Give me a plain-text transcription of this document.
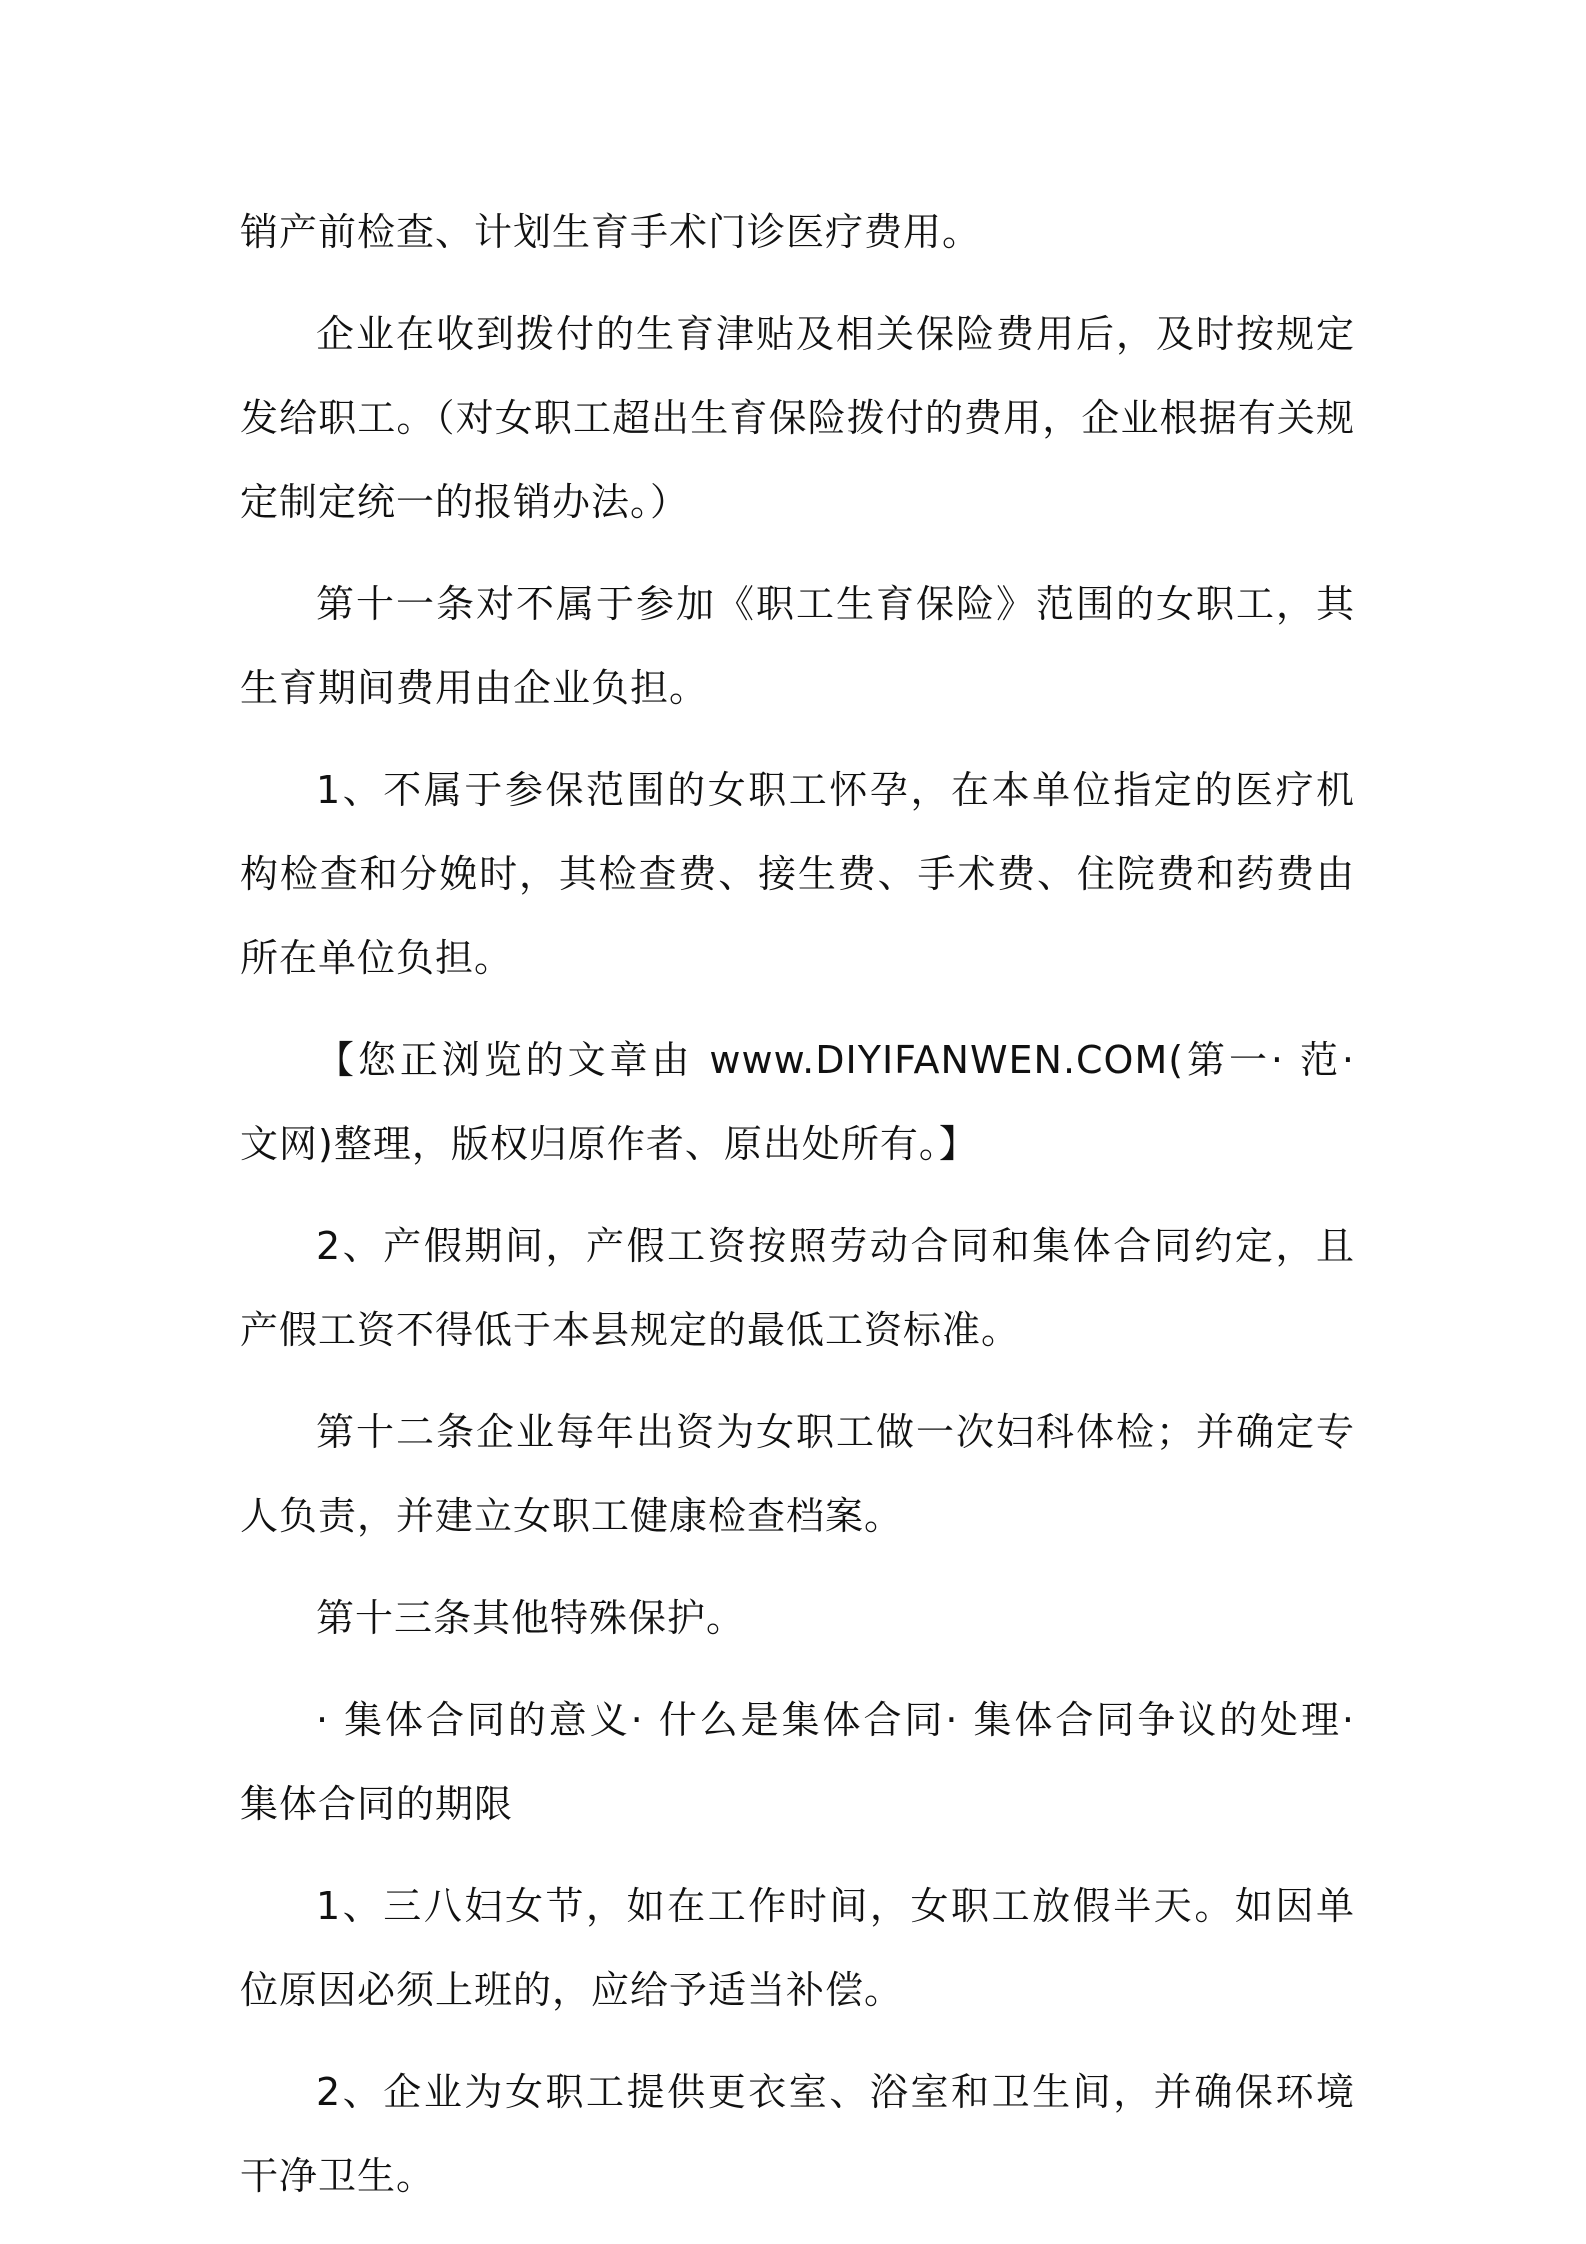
销产前检查、计划生育手术门诊医疗费用。

企业在收到拨付的生育津贴及相关保险费用后，及时按规定发给职工。（对女职工超出生育保险拨付的费用，企业根据有关规定制定统一的报销办法。）

第十一条对不属于参加《职工生育保险》范围的女职工，其生育期间费用由企业负担。

1、不属于参保范围的女职工怀孕，在本单位指定的医疗机构检查和分娩时，其检查费、接生费、手术费、住院费和药费由所在单位负担。

【您正浏览的文章由 www.DIYIFANWEN.COM(第一· 范· 文网)整理，版权归原作者、原出处所有。】

2、产假期间，产假工资按照劳动合同和集体合同约定，且产假工资不得低于本县规定的最低工资标准。

第十二条企业每年出资为女职工做一次妇科体检；并确定专人负责，并建立女职工健康检查档案。

第十三条其他特殊保护。

· 集体合同的意义· 什么是集体合同· 集体合同争议的处理· 集体合同的期限

1、三八妇女节，如在工作时间，女职工放假半天。如因单位原因必须上班的，应给予适当补偿。

2、企业为女职工提供更衣室、浴室和卫生间，并确保环境干净卫生。
